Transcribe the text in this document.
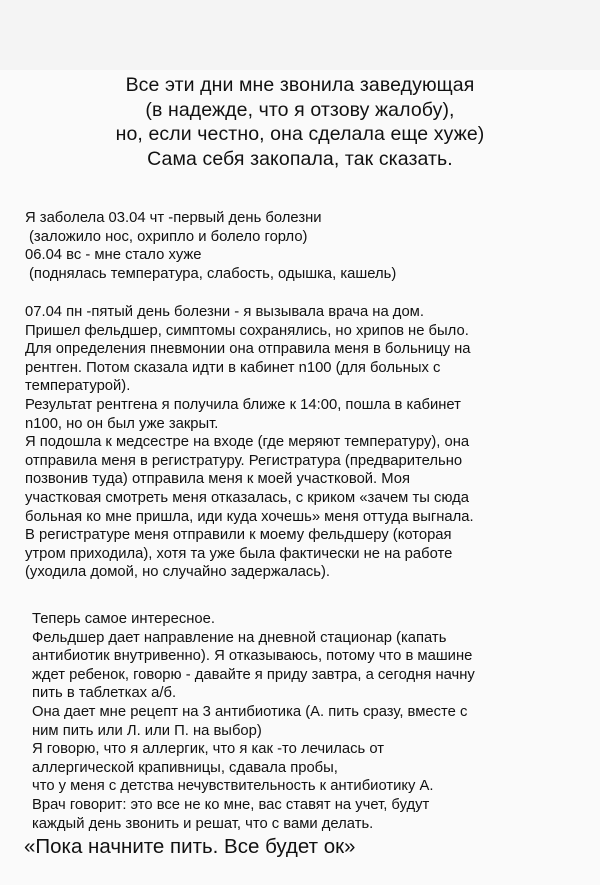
Все эти дни мне звонила заведующая
(в надежде, что я отзову жалобу),
но, если честно, она сделала еще хуже)
Сама себя закопала, так сказать.
Я заболела 03.04 чт -первый день болезни
(заложило нос, охрипло и болело горло)
06.04 вс - мне стало хуже
(поднялась температура, слабость, одышка, кашель)
07.04 пн -пятый день болезни - я вызывала врача на дом.
Пришел фельдшер, симптомы сохранялись, но хрипов не было.
Для определения пневмонии она отправила меня в больницу на
рентген. Потом сказала идти в кабинет n100 (для больных с
температурой).
Результат рентгена я получила ближе к 14:00, пошла в кабинет
n100, но он был уже закрыт.
Я подошла к медсестре на входе (где меряют температуру), она
отправила меня в регистратуру. Регистратура (предварительно
позвонив туда) отправила меня к моей участковой. Моя
участковая смотреть меня отказалась, с криком «зачем ты сюда
больная ко мне пришла, иди куда хочешь» меня оттуда выгнала.
В регистратуре меня отправили к моему фельдшеру (которая
утром приходила), хотя та уже была фактически не на работе
(уходила домой, но случайно задержалась).
Теперь самое интересное.
Фельдшер дает направление на дневной стационар (капать
антибиотик внутривенно). Я отказываюсь, потому что в машине
ждет ребенок, говорю - давайте я приду завтра, а сегодня начну
пить в таблетках а/б.
Она дает мне рецепт на 3 антибиотика (А. пить сразу, вместе с
ним пить или Л. или П. на выбор)
Я говорю, что я аллергик, что я как -то лечилась от
аллергической крапивницы, сдавала пробы,
что у меня с детства нечувствительность к антибиотику А.
Врач говорит: это все не ко мне, вас ставят на учет, будут
каждый день звонить и решат, что с вами делать.
«Пока начните пить. Все будет ок»
